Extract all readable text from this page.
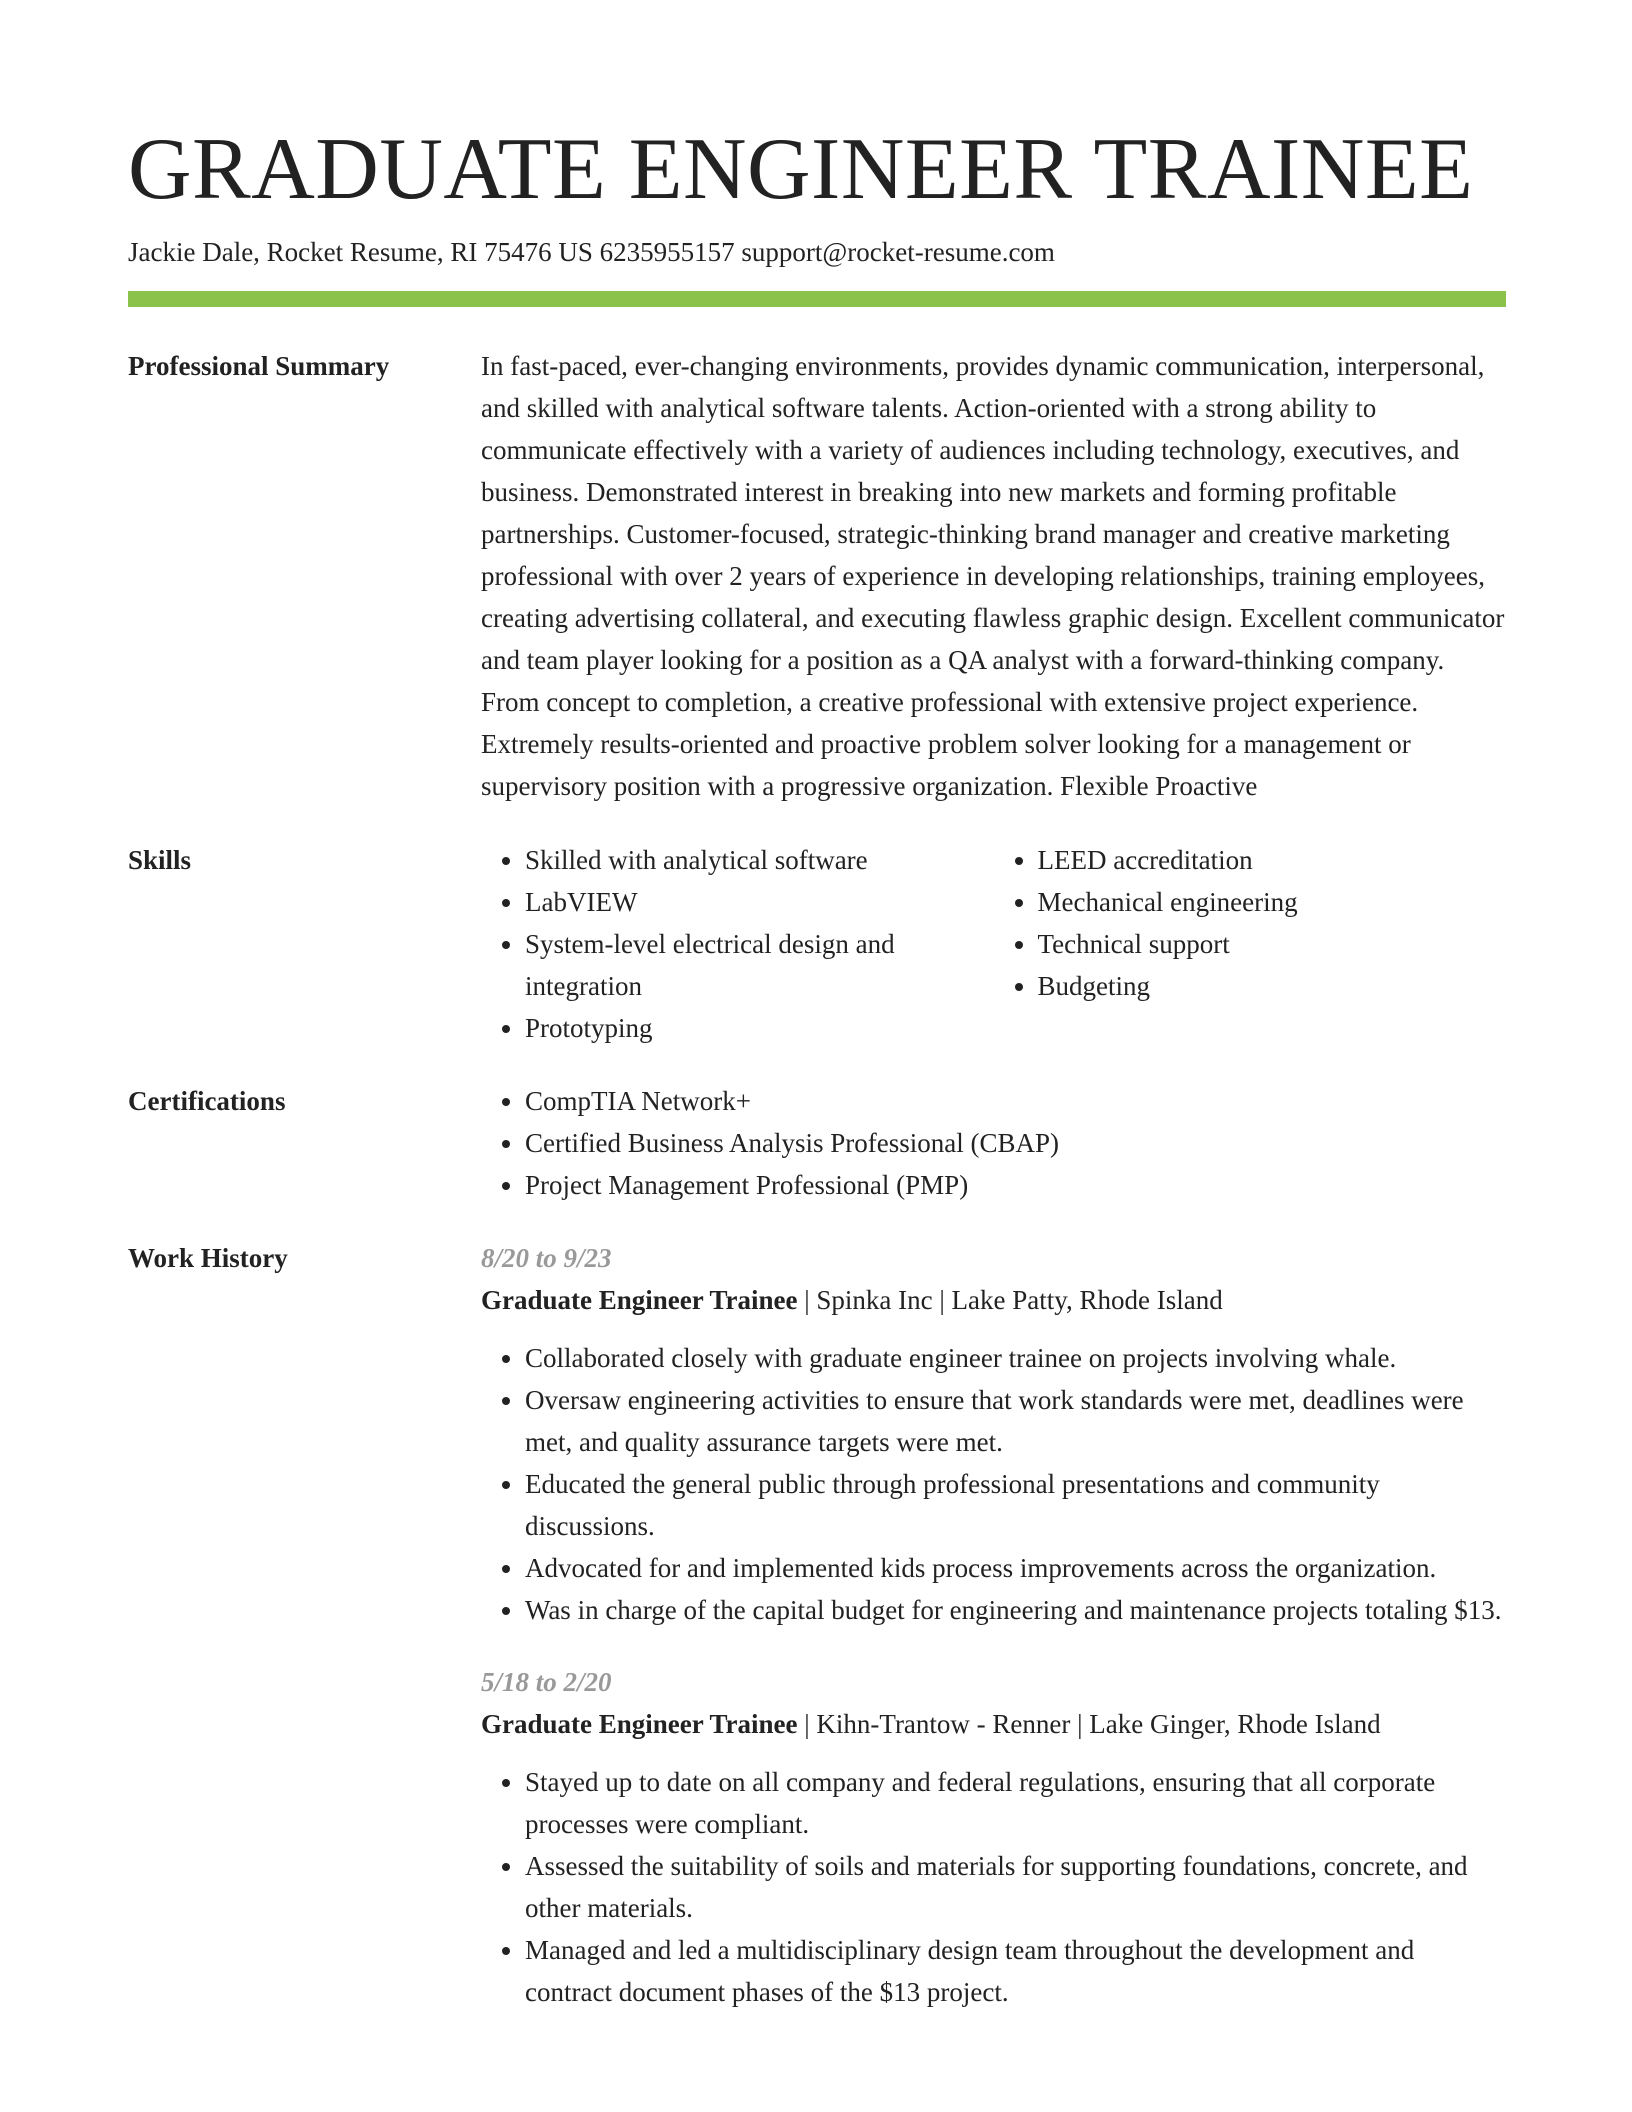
GRADUATE ENGINEER TRAINEE
Jackie Dale, Rocket Resume, RI 75476 US 6235955157 support@rocket-resume.com
Professional Summary	In fast-paced, ever-changing environments, provides dynamic communication, interpersonal, and skilled with analytical software talents. Action-oriented with a strong ability to communicate effectively with a variety of audiences including technology, executives, and business. Demonstrated interest in breaking into new markets and forming profitable partnerships. Customer-focused, strategic-thinking brand manager and creative marketing professional with over 2 years of experience in developing relationships, training employees, creating advertising collateral, and executing flawless graphic design. Excellent communicator and team player looking for a position as a QA analyst with a forward-thinking company. From concept to completion, a creative professional with extensive project experience. Extremely results-oriented and proactive problem solver looking for a management or supervisory position with a progressive organization. Flexible Proactive

Skills	• Skilled with analytical software
• LabVIEW
• System-level electrical design and integration
• Prototyping
• LEED accreditation
• Mechanical engineering
• Technical support
• Budgeting
Certifications	• CompTIA Network+
• Certified Business Analysis Professional (CBAP)
• Project Management Professional (PMP)
Work History	8/20 to 9/23
Graduate Engineer Trainee | Spinka Inc | Lake Patty, Rhode Island
• Collaborated closely with graduate engineer trainee on projects involving whale.
• Oversaw engineering activities to ensure that work standards were met, deadlines were met, and quality assurance targets were met.
• Educated the general public through professional presentations and community discussions.
• Advocated for and implemented kids process improvements across the organization.
• Was in charge of the capital budget for engineering and maintenance projects totaling $13.
5/18 to 2/20
Graduate Engineer Trainee | Kihn-Trantow - Renner | Lake Ginger, Rhode Island
• Stayed up to date on all company and federal regulations, ensuring that all corporate processes were compliant.
• Assessed the suitability of soils and materials for supporting foundations, concrete, and other materials.
• Managed and led a multidisciplinary design team throughout the development and contract document phases of the $13 project.
